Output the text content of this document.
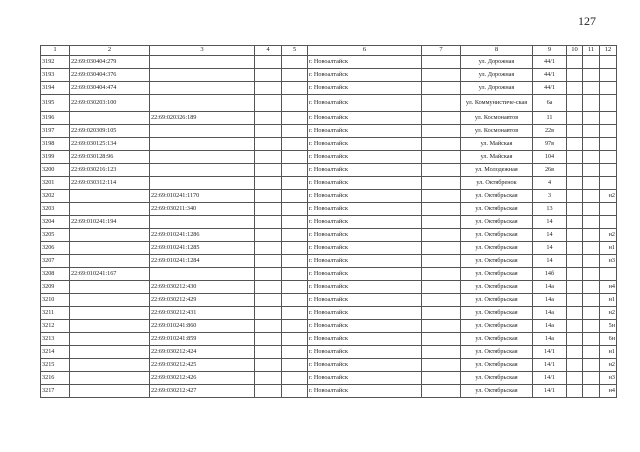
127
1	2	3	4	5	6	7	8	9	10	11	12
3192	22:69:030404:279				г. Новоалтайск		ул. Дорожная	44/1			
3193	22:69:030404:376				г. Новоалтайск		ул. Дорожная	44/1			
3194	22:69:030404:474				г. Новоалтайск		ул. Дорожная	44/1			
3195	22:69:030203:100				г. Новоалтайск		ул. Коммунистиче-ская	6а			
3196		22:69:020326:189			г. Новоалтайск		ул. Космонавтов	11			
3197	22:69:020309:105				г. Новоалтайск		ул. Космонавтов	22в			
3198	22:69:030125:134				г. Новоалтайск		ул. Майская	97в			
3199	22:69:030128:96				г. Новоалтайск		ул. Майская	104			
3200	22:69:030216:123				г. Новоалтайск		ул. Молодежная	26в			
3201	22:69:030312:114				г. Новоалтайск		ул. Октябренок	4			
3202		22:69:010241:1170			г. Новоалтайск		ул. Октябрьская	3			н2
3203		22:69:030211:340			г. Новоалтайск		ул. Октябрьская	13			
3204	22:69:010241:194				г. Новоалтайск		ул. Октябрьская	14			
3205		22:69:010241:1286			г. Новоалтайск		ул. Октябрьская	14			н2
3206		22:69:010241:1285			г. Новоалтайск		ул. Октябрьская	14			н1
3207		22:69:010241:1284			г. Новоалтайск		ул. Октябрьская	14			н3
3208	22:69:010241:167				г. Новоалтайск		ул. Октябрьская	14б			
3209		22:69:030212:430			г. Новоалтайск		ул. Октябрьская	14а			н4
3210		22:69:030212:429			г. Новоалтайск		ул. Октябрьская	14а			н1
3211		22:69:030212:431			г. Новоалтайск		ул. Октябрьская	14а			н2
3212		22:69:010241:860			г. Новоалтайск		ул. Октябрьская	14а			5н
3213		22:69:010241:859			г. Новоалтайск		ул. Октябрьская	14а			6н
3214		22:69:030212:424			г. Новоалтайск		ул. Октябрьская	14/1			н1
3215		22:69:030212:425			г. Новоалтайск		ул. Октябрьская	14/1			н2
3216		22:69:030212:426			г. Новоалтайск		ул. Октябрьская	14/1			н3
3217		22:69:030212:427			г. Новоалтайск		ул. Октябрьская	14/1			н4
